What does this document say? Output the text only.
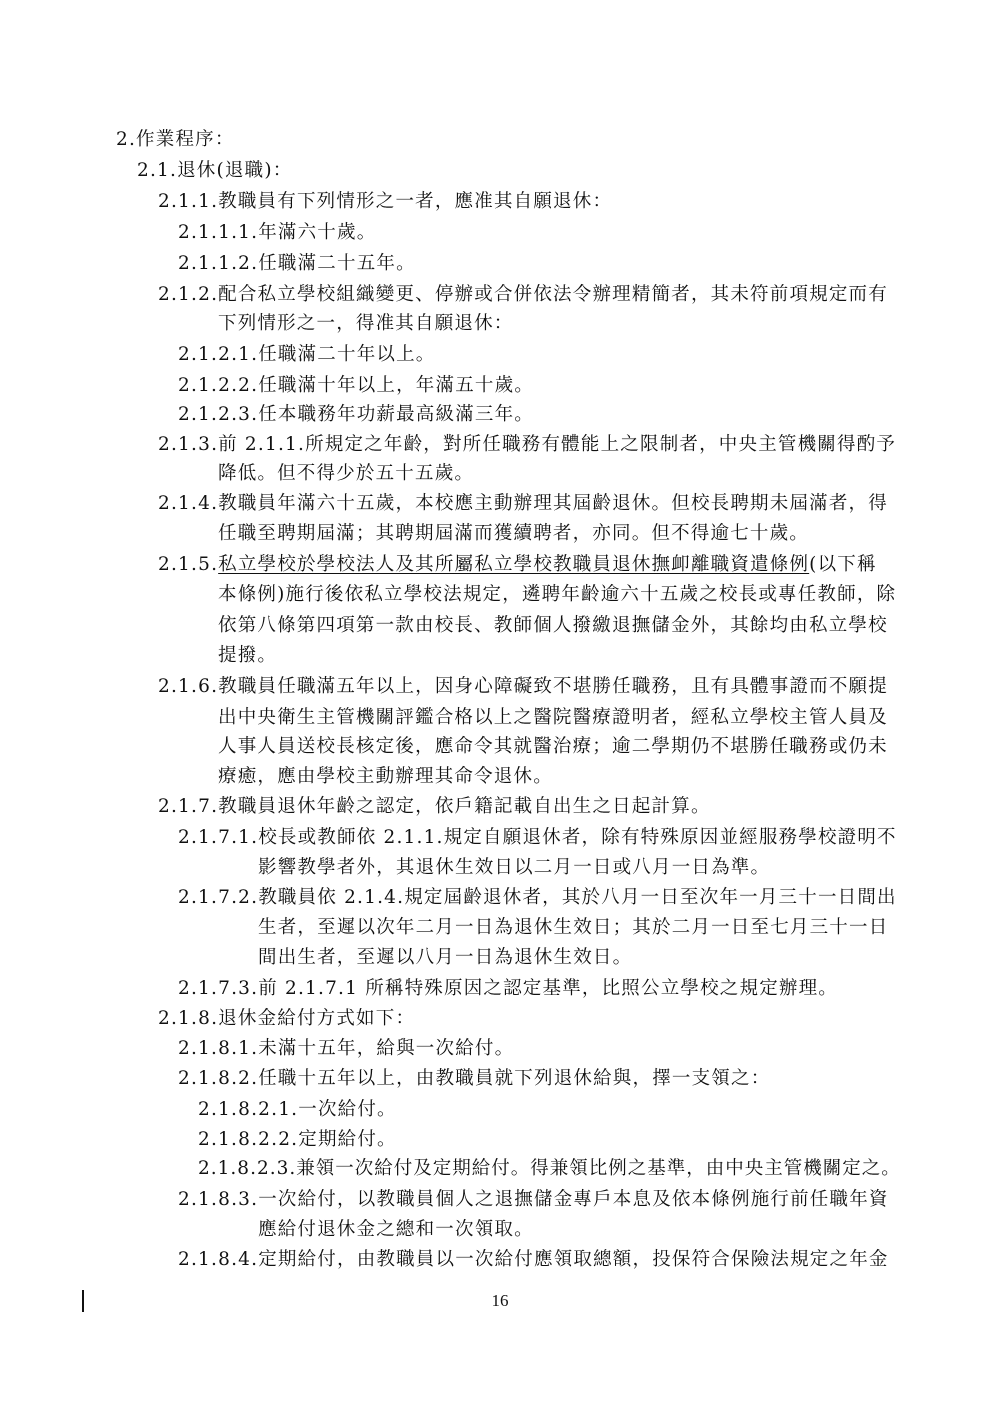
2.作業程序：
2.1.退休(退職)：
2.1.1.教職員有下列情形之一者，應准其自願退休：
2.1.1.1.年滿六十歲。
2.1.1.2.任職滿二十五年。
2.1.2.配合私立學校組織變更、停辦或合併依法令辦理精簡者，其未符前項規定而有
下列情形之一，得准其自願退休：
2.1.2.1.任職滿二十年以上。
2.1.2.2.任職滿十年以上，年滿五十歲。
2.1.2.3.任本職務年功薪最高級滿三年。
2.1.3.前 2.1.1.所規定之年齡，對所任職務有體能上之限制者，中央主管機關得酌予
降低。但不得少於五十五歲。
2.1.4.教職員年滿六十五歲，本校應主動辦理其屆齡退休。但校長聘期未屆滿者，得
任職至聘期屆滿；其聘期屆滿而獲續聘者，亦同。但不得逾七十歲。
2.1.5.私立學校於學校法人及其所屬私立學校教職員退休撫卹離職資遣條例(以下稱
本條例)施行後依私立學校法規定，遴聘年齡逾六十五歲之校長或專任教師，除
依第八條第四項第一款由校長、教師個人撥繳退撫儲金外，其餘均由私立學校
提撥。
2.1.6.教職員任職滿五年以上，因身心障礙致不堪勝任職務，且有具體事證而不願提
出中央衛生主管機關評鑑合格以上之醫院醫療證明者，經私立學校主管人員及
人事人員送校長核定後，應命令其就醫治療；逾二學期仍不堪勝任職務或仍未
療癒，應由學校主動辦理其命令退休。
2.1.7.教職員退休年齡之認定，依戶籍記載自出生之日起計算。
2.1.7.1.校長或教師依 2.1.1.規定自願退休者，除有特殊原因並經服務學校證明不
影響教學者外，其退休生效日以二月一日或八月一日為準。
2.1.7.2.教職員依 2.1.4.規定屆齡退休者，其於八月一日至次年一月三十一日間出
生者，至遲以次年二月一日為退休生效日；其於二月一日至七月三十一日
間出生者，至遲以八月一日為退休生效日。
2.1.7.3.前 2.1.7.1 所稱特殊原因之認定基準，比照公立學校之規定辦理。
2.1.8.退休金給付方式如下：
2.1.8.1.未滿十五年，給與一次給付。
2.1.8.2.任職十五年以上，由教職員就下列退休給與，擇一支領之：
2.1.8.2.1.一次給付。
2.1.8.2.2.定期給付。
2.1.8.2.3.兼領一次給付及定期給付。得兼領比例之基準，由中央主管機關定之。
2.1.8.3.一次給付，以教職員個人之退撫儲金專戶本息及依本條例施行前任職年資
應給付退休金之總和一次領取。
2.1.8.4.定期給付，由教職員以一次給付應領取總額，投保符合保險法規定之年金
16
